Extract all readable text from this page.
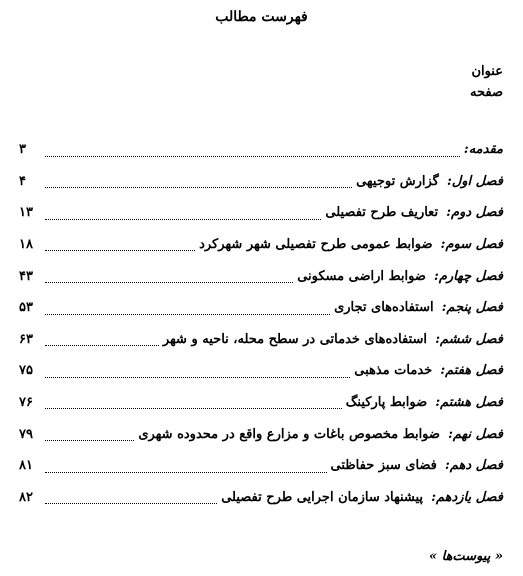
فهرست مطالب
عنوان
صفحه
مقدمه:
۳
فصل اول: گزارش توجیهی
۴
فصل دوم: تعاریف طرح تفصیلی
۱۳
فصل سوم: ضوابط عمومی طرح تفصیلی شهر شهرکرد
۱۸
فصل چهارم: ضوابط اراضی مسکونی
۴۳
فصل پنجم: استفاده‌های تجاری
۵۳
فصل ششم: استفاده‌های خدماتی در سطح محله، ناحیه و شهر
۶۳
فصل هفتم: خدمات مذهبی
۷۵
فصل هشتم: ضوابط پارکینگ
۷۶
فصل نهم: ضوابط مخصوص باغات و مزارع واقع در محدوده شهری
۷۹
فصل دهم: فضای سبز حفاظتی
۸۱
فصل یازدهم: پیشنهاد سازمان اجرایی طرح تفصیلی
۸۲
« پیوست‌ها »
